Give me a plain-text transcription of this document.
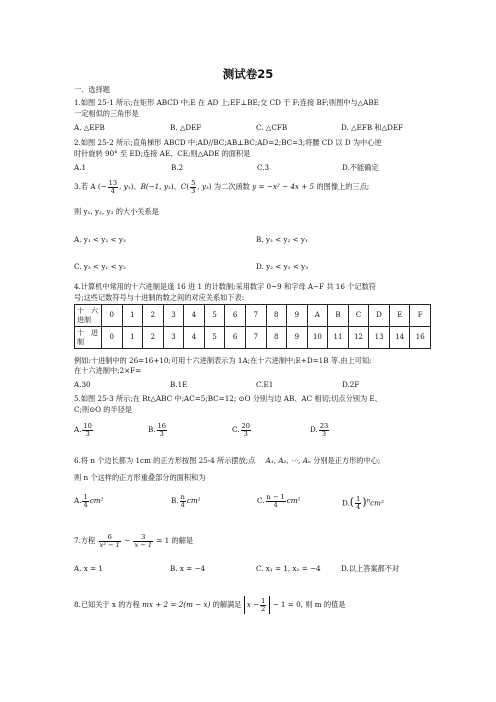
测试卷25
一、选择题
1.如图 25-1 所示;在矩形 ABCD 中;E 在 AD 上;EF⊥BE;交 CD 于 F;连接 BF;则图中与△ABE
一定相似的三角形是
A. △EFB	B. △DEF	C. △CFB	D. △EFB 和△DEF
2.如图 25-2 所示;直角梯形 ABCD 中;AD//BC;AB⊥BC;AD=2;BC=3;将腰 CD 以 D 为中心逆
时针旋转 90° 至 ED;连接 AE、CE;则△ADE 的面积是
A.1	B.2	C.3	D.不能确定
3.若 A (− $\frac{13}{4}$ , y₁)、B(−1, y₂)、$C( \frac{5}{3}$ , y₃) 为二次函数 y = −x² − 4x + 5 的图像上的三点;
则 y₁, y₂, y₃ 的大小关系是
A. y₁ < y₂ < y₃	B. y₃ < y₂ < y₁
C. y₃ < y₁ < y₂	D. y₂ < y₁ < y₃
4.计算机中常用的十六进制是逢 16 进 1 的计数制;采用数字 0~9 和字母 A~F 共 16 个记数符
号;这些记数符号与十进制的数之间的对应关系如下表:
十　六
进制	0	1	2	3	4	5	6	7	8	9	A	B	C	D	E	F
十　进
制	0	1	2	3	4	5	6	7	8	9	10	11	12	13	14	16
例如:十进制中的 26=16+10;可用十六进制表示为 1A;在十六进制中;E+D=1B 等.由上可知;
在十六进制中;2×F=
A.30	B.1E	C.E1	D.2F
5.如图 25-3 所示;在 Rt△ABC 中;AC=5;BC=12; ⊙O 分别与边 AB、AC 相切;切点分别为 E、
C;则⊙O 的半径是
A. $\frac{10}{3}$	B. $\frac{16}{3}$	C. $\frac{20}{3}$	D. $\frac{23}{3}$
6.将 n 个边长都为 1cm 的正方形按图 25-4 所示摆放;点 A₁, A₂, ⋯, Aₙ 分别是正方形的中心;
则 n 个这样的正方形重叠部分的面积和为
A. $\frac{1}{4} cm^2$	B. $\frac{n}{4} cm^2$	C. $\frac{n - 1}{4} cm^2$	$D.( \frac{1}{4} )^ncm^2$
7.方程 $\frac{6}{\text{x² − 1}} - \frac{3}{x - 1} = 1$ 的解是
A. x = 1	B. x = −4	C. x₁ = 1, x₂ = −4	D.以上答案都不对
8.已知关于 x 的方程 mx + 2 = 2(m − x) 的解满足 $x - \frac{1}{2} - 1 = 0$, 则 m 的值是
